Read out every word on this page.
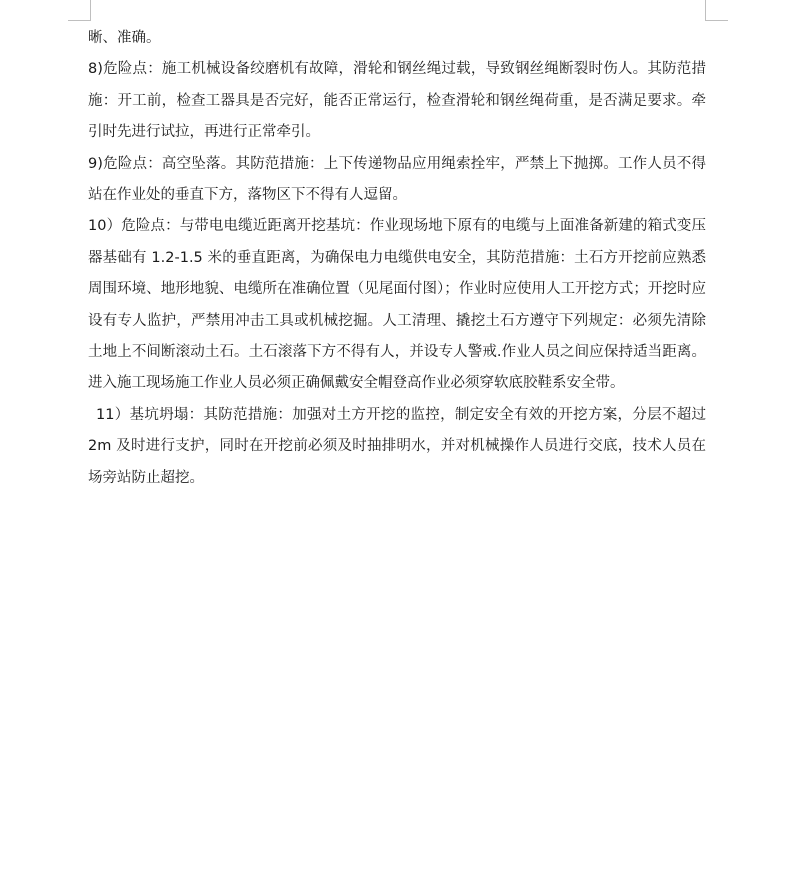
晰、准确。

8)危险点：施工机械设备绞磨机有故障，滑轮和钢丝绳过载，导致钢丝绳断裂时伤人。其防范措施：开工前，检查工器具是否完好，能否正常运行，检查滑轮和钢丝绳荷重，是否满足要求。牵引时先进行试拉，再进行正常牵引。

9)危险点：高空坠落。其防范措施：上下传递物品应用绳索拴牢，严禁上下抛掷。工作人员不得站在作业处的垂直下方，落物区下不得有人逗留。

10）危险点：与带电电缆近距离开挖基坑：作业现场地下原有的电缆与上面准备新建的箱式变压器基础有 1.2-1.5 米的垂直距离，为确保电力电缆供电安全，其防范措施：土石方开挖前应熟悉周围环境、地形地貌、电缆所在准确位置（见尾面付图）；作业时应使用人工开挖方式；开挖时应设有专人监护，严禁用冲击工具或机械挖掘。人工清理、撬挖土石方遵守下列规定：必须先清除土地上不间断滚动土石。土石滚落下方不得有人，并设专人警戒.作业人员之间应保持适当距离。进入施工现场施工作业人员必须正确佩戴安全帽登高作业必须穿软底胶鞋系安全带。

11）基坑坍塌：其防范措施：加强对土方开挖的监控，制定安全有效的开挖方案，分层不超过 2m 及时进行支护，同时在开挖前必须及时抽排明水，并对机械操作人员进行交底，技术人员在场旁站防止超挖。
